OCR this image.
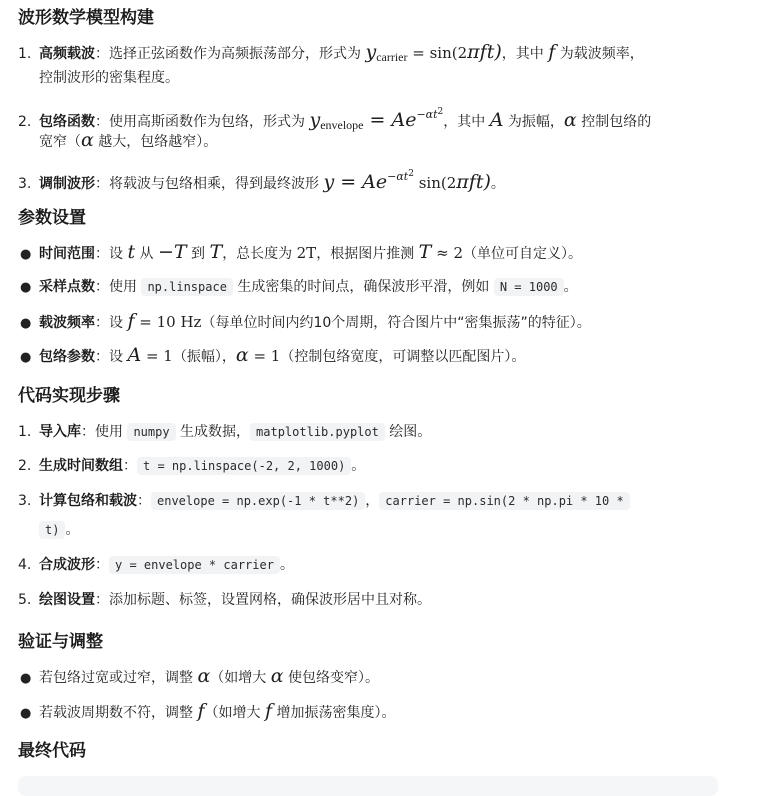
波形数学模型构建
1. 高频载波：选择正弦函数作为高频振荡部分，形式为 ycarrier = sin(2πft)，其中 f 为载波频率，
控制波形的密集程度。
2. 包络函数：使用高斯函数作为包络，形式为 yenvelope = $Ae^{-\alpha t2}$，其中 A 为振幅，α 控制包络的
宽窄（α 越大，包络越窄）。
3. 调制波形：将载波与包络相乘，得到最终波形 $y = Ae^{-\alpha t2}$ sin(2πft)。
参数设置
● 时间范围：设 t 从 −T 到 T，总长度为 2T，根据图片推测 T ≈ 2（单位可自定义）。
● 采样点数：使用 np.linspace 生成密集的时间点，确保波形平滑，例如 N = 1000 。
● 载波频率：设 f = 10 Hz（每单位时间内约10个周期，符合图片中“密集振荡”的特征）。
● 包络参数：设 A = 1（振幅），α = 1（控制包络宽度，可调整以匹配图片）。
代码实现步骤
1. 导入库：使用 numpy 生成数据， matplotlib.pyplot 绘图。
2. 生成时间数组： t = np.linspace(-2, 2, 1000) 。
3. 计算包络和载波： envelope = np.exp(-1 * t**2) ， carrier = np.sin(2 * np.pi * 10 *
t) 。
4. 合成波形： y = envelope * carrier 。
5. 绘图设置：添加标题、标签，设置网格，确保波形居中且对称。
验证与调整
● 若包络过宽或过窄，调整 α（如增大 α 使包络变窄）。
● 若载波周期数不符，调整 f（如增大 f 增加振荡密集度）。
最终代码
